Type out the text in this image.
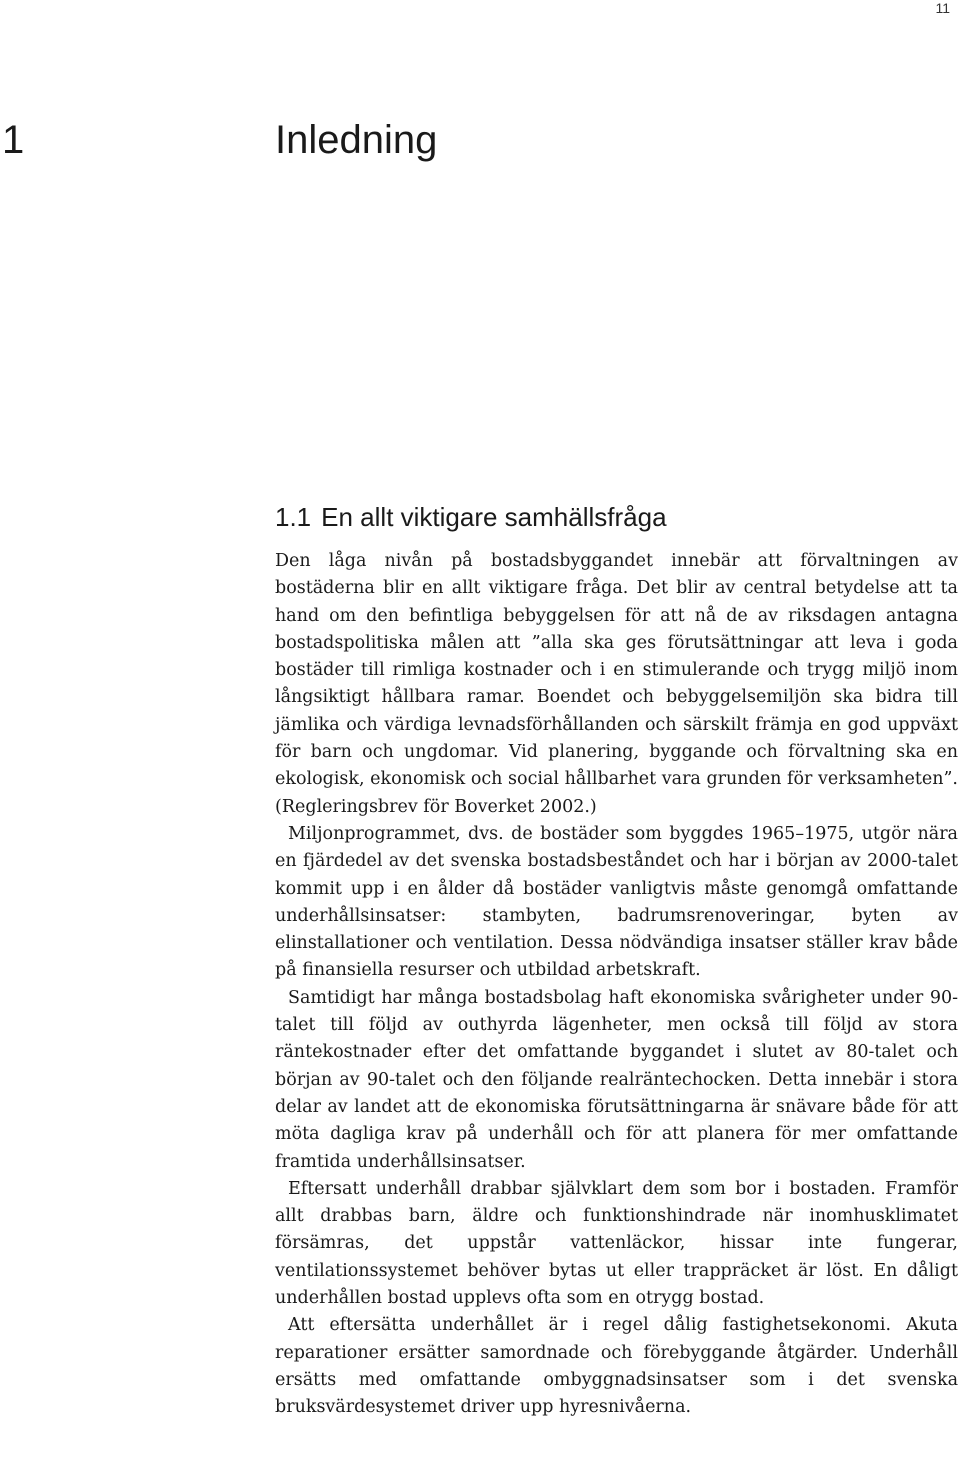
11
1	Inledning
1.1 En allt viktigare samhällsfråga

Den låga nivån på bostadsbyggandet innebär att förvaltningen av bostäderna blir en allt viktigare fråga. Det blir av central betydelse att ta hand om den befintliga bebyggelsen för att nå de av riksdagen antagna bostadspolitiska målen att ”alla ska ges förutsättningar att leva i goda bostäder till rimliga kostnader och i en stimulerande och trygg miljö inom långsiktigt hållbara ramar. Boendet och bebyggelsemiljön ska bidra till jämlika och värdiga levnadsförhållanden och särskilt främja en god uppväxt för barn och ungdomar. Vid planering, byggande och förvaltning ska en ekologisk, ekonomisk och social hållbarhet vara grunden för verksamheten”. (Regleringsbrev för Boverket 2002.)

Miljonprogrammet, dvs. de bostäder som byggdes 1965–1975, utgör nära en fjärdedel av det svenska bostadsbeståndet och har i början av 2000-talet kommit upp i en ålder då bostäder vanligtvis måste genomgå omfattande underhållsinsatser: stambyten, badrumsrenoveringar, byten av elinstallationer och ventilation. Dessa nödvändiga insatser ställer krav både på finansiella resurser och utbildad arbetskraft.

Samtidigt har många bostadsbolag haft ekonomiska svårigheter under 90-talet till följd av outhyrda lägenheter, men också till följd av stora räntekostnader efter det omfattande byggandet i slutet av 80-talet och början av 90-talet och den följande realräntechocken. Detta innebär i stora delar av landet att de ekonomiska förutsättningarna är snävare både för att möta dagliga krav på underhåll och för att planera för mer omfattande framtida underhållsinsatser.

Eftersatt underhåll drabbar självklart dem som bor i bostaden. Framför allt drabbas barn, äldre och funktionshindrade när inomhusklimatet försämras, det uppstår vattenläckor, hissar inte fungerar, ventilationssystemet behöver bytas ut eller trappräcket är löst. En dåligt underhållen bostad upplevs ofta som en otrygg bostad.

Att eftersätta underhållet är i regel dålig fastighetsekonomi. Akuta reparationer ersätter samordnade och förebyggande åtgärder. Underhåll ersätts med omfattande ombyggnadsinsatser som i det svenska bruksvärdesystemet driver upp hyresnivåerna.
